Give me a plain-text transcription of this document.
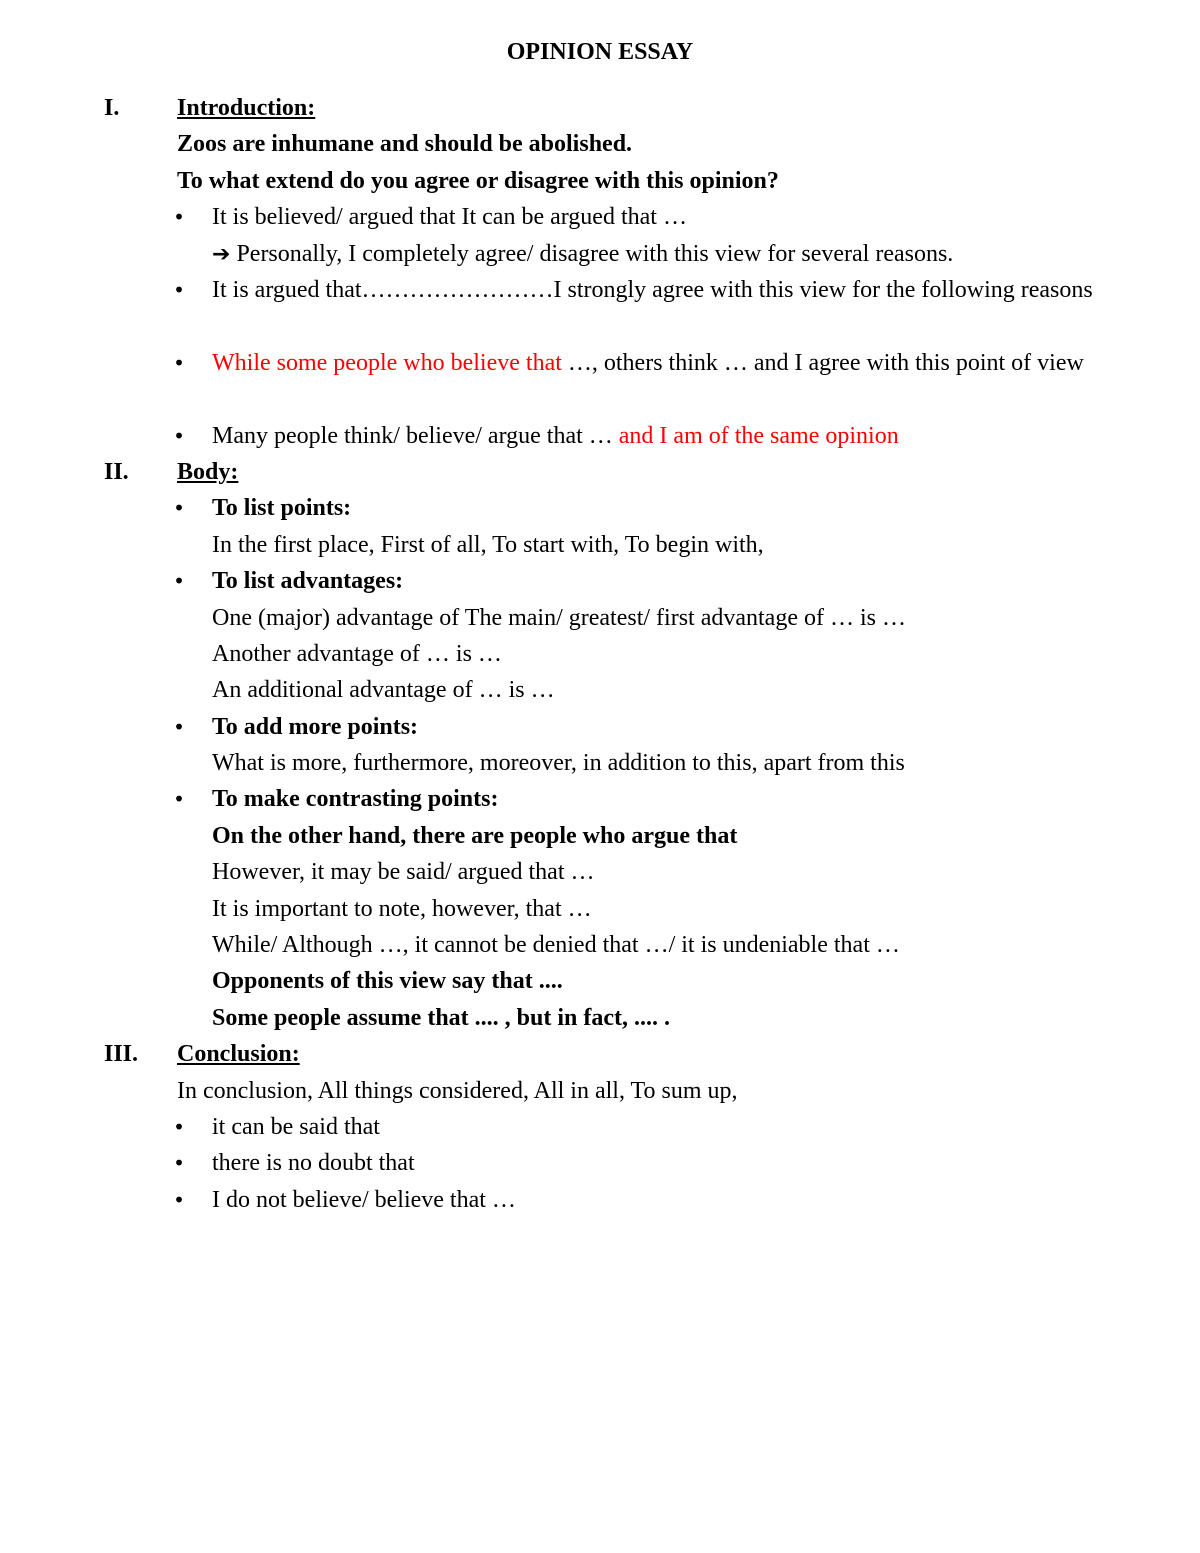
OPINION ESSAY
I. Introduction:
Zoos are inhumane and should be abolished.
To what extend do you agree or disagree with this opinion?
• It is believed/ argued that It can be argued that …
➔ Personally, I completely agree/ disagree with this view for several reasons.
• It is argued that……………………I strongly agree with this view for the following reasons
• While some people who believe that …, others think … and I agree with this point of view
• Many people think/ believe/ argue that … and I am of the same opinion
II. Body:
• To list points:
In the first place, First of all, To start with, To begin with,
• To list advantages:
One (major) advantage of The main/ greatest/ first advantage of … is …
Another advantage of … is …
An additional advantage of … is …
• To add more points:
What is more, furthermore, moreover, in addition to this, apart from this
• To make contrasting points:
On the other hand, there are people who argue that
However, it may be said/ argued that …
It is important to note, however, that …
While/ Although …, it cannot be denied that …/ it is undeniable that …
Opponents of this view say that ....
Some people assume that .... , but in fact, .... .
III. Conclusion:
In conclusion, All things considered, All in all, To sum up,
• it can be said that
• there is no doubt that
• I do not believe/ believe that …
